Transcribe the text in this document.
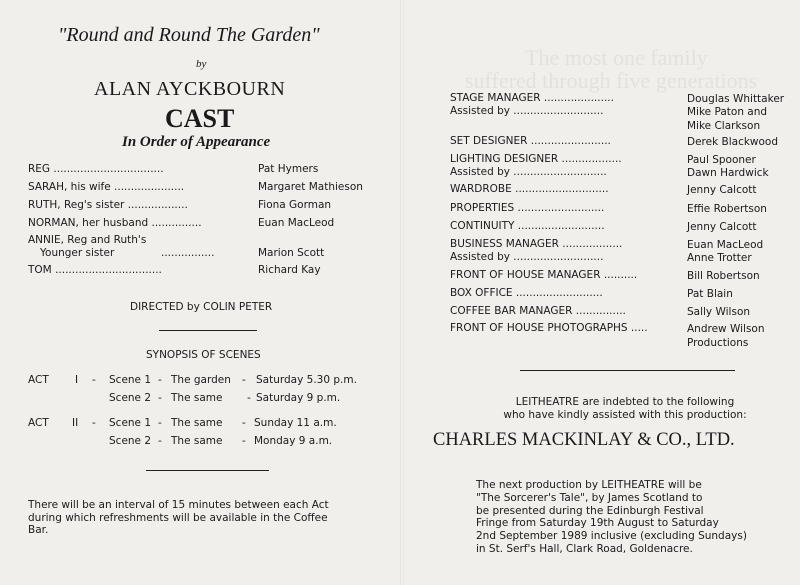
"Round and Round The Garden"
by
ALAN AYCKBOURN
CAST
In Order of Appearance
REG .................................	Pat Hymers
SARAH, his wife .....................	Margaret Mathieson
RUTH, Reg's sister ..................	Fiona Gorman
NORMAN, her husband ...............	Euan MacLeod
ANNIE, Reg and Ruth's
Younger sister	................	Marion Scott
TOM ................................	Richard Kay
DIRECTED by COLIN PETER
SYNOPSIS OF SCENES
ACT	I - Scene 1 - The garden - Saturday 5.30 p.m.
Scene 2 - The same - Saturday 9 p.m.
ACT II - Scene 1 - The same - Sunday 11 a.m.
Scene 2 - The same - Monday 9 a.m.
There will be an interval of 15 minutes between each Act
during which refreshments will be available in the Coffee
Bar.
The most one family
suffered through five generations
STAGE MANAGER .....................	Douglas Whittaker
Assisted by ...........................	Mike Paton and
Mike Clarkson
SET DESIGNER ........................	Derek Blackwood
LIGHTING DESIGNER ..................	Paul Spooner
Assisted by ............................	Dawn Hardwick
WARDROBE ............................	Jenny Calcott
PROPERTIES ..........................	Effie Robertson
CONTINUITY ..........................	Jenny Calcott
BUSINESS MANAGER ..................	Euan MacLeod
Assisted by ...........................	Anne Trotter
FRONT OF HOUSE MANAGER ..........	Bill Robertson
BOX OFFICE ..........................	Pat Blain
COFFEE BAR MANAGER ...............	Sally Wilson
FRONT OF HOUSE PHOTOGRAPHS .....	Andrew Wilson
Productions
LEITHEATRE are indebted to the following
who have kindly assisted with this production:
CHARLES MACKINLAY & CO., LTD.
The next production by LEITHEATRE will be
"The Sorcerer's Tale", by James Scotland to
be presented during the Edinburgh Festival
Fringe from Saturday 19th August to Saturday
2nd September 1989 inclusive (excluding Sundays)
in St. Serf's Hall, Clark Road, Goldenacre.
